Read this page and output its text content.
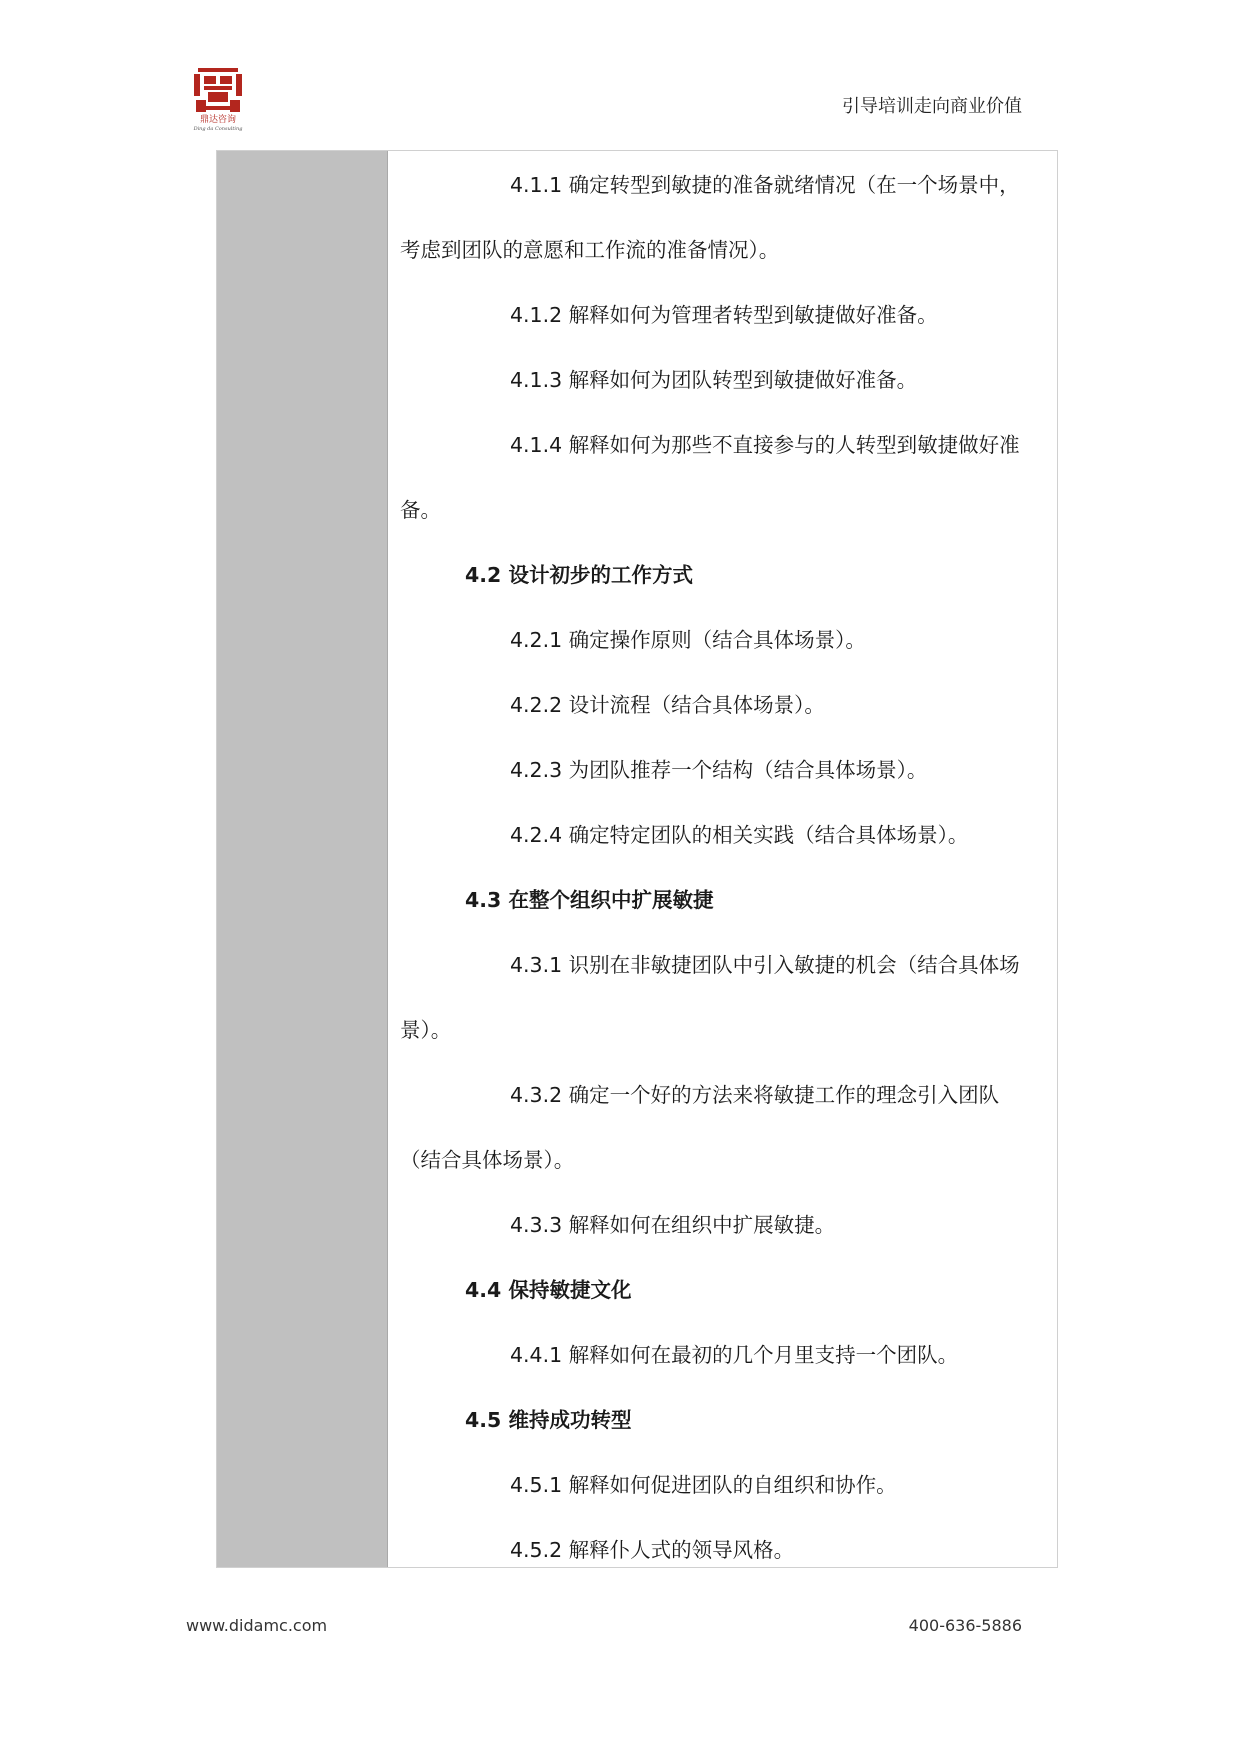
鼎达咨询
Ding da Consulting
引导培训走向商业价值
4.1.1 确定转型到敏捷的准备就绪情况（在一个场景中，
考虑到团队的意愿和工作流的准备情况）。
4.1.2 解释如何为管理者转型到敏捷做好准备。
4.1.3 解释如何为团队转型到敏捷做好准备。
4.1.4 解释如何为那些不直接参与的人转型到敏捷做好准
备。
4.2 设计初步的工作方式
4.2.1 确定操作原则（结合具体场景）。
4.2.2 设计流程（结合具体场景）。
4.2.3 为团队推荐一个结构（结合具体场景）。
4.2.4 确定特定团队的相关实践（结合具体场景）。
4.3 在整个组织中扩展敏捷
4.3.1 识别在非敏捷团队中引入敏捷的机会（结合具体场
景）。
4.3.2 确定一个好的方法来将敏捷工作的理念引入团队
（结合具体场景）。
4.3.3 解释如何在组织中扩展敏捷。
4.4 保持敏捷文化
4.4.1 解释如何在最初的几个月里支持一个团队。
4.5 维持成功转型
4.5.1 解释如何促进团队的自组织和协作。
4.5.2 解释仆人式的领导风格。
www.didamc.com	400-636-5886
